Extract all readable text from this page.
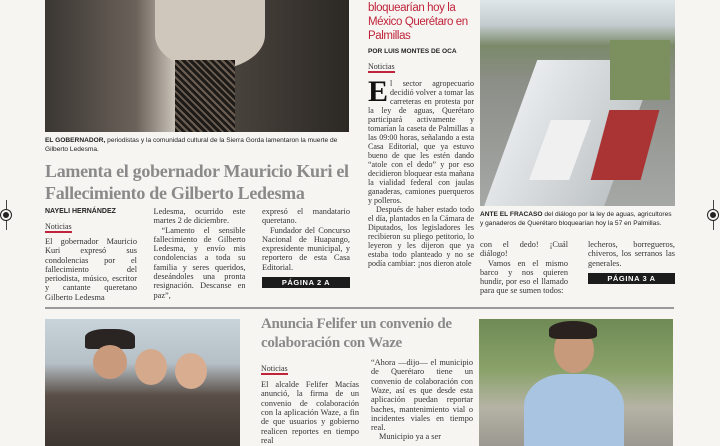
EL GOBERNADOR, periodistas y la comunidad cultural de la Sierra Gorda lamentaron la muerte de Gilberto Ledesma.
Lamenta el gobernador Mauricio Kuri el Fallecimiento de Gilberto Ledesma
NAYELI HERNÁNDEZ
Noticias

El gobernador Mauricio Kuri expresó sus condolencias por el fallecimiento del periodista, músico, escritor y cantante queretano Gilberto Ledesma

Ledesma, ocurrido este martes 2 de diciembre.

“Lamento el sensible fallecimiento de Gilberto Ledesma, y envío mis condolencias a toda su familia y seres queridos, deseándoles una pronta resignación. Descanse en paz”,

expresó el mandatario queretano.

Fundador del Concurso Nacional de Huapango, expresidente municipal, y reportero de esta Casa Editorial.

PÁGINA 2 A
bloquearían hoy la México Querétaro en Palmillas
POR LUIS MONTES DE OCA
Noticias
E l sector agropecuario decidió volver a tomar las carreteras en protesta por la ley de aguas, Querétaro participará activamente y tomarían la caseta de Palmillas a las 09:00 horas, señalando a esta Casa Editorial, que ya estuvo bueno de que les estén dando “atole con el dedo” y por eso decidieron bloquear esta mañana la vialidad federal con jaulas ganaderas, camiones puerqueros y polleros.

Después de haber estado todo el día, plantados en la Cámara de Diputados, los legisladores les recibieron su pliego petitorio, lo leyeron y les dijeron que ya estaba todo planteado y no se podía cambiar: ¡nos dieron atole

ANTE EL FRACASO del diálogo por la ley de aguas, agricultores y ganaderos de Querétaro bloquearían hoy la 57 en Palmillas.

con el dedo! ¡Cuál diálogo!

Vamos en el mismo barco y nos quieren hundir, por eso el llamado para que se sumen todos:

lecheros, borregueros, chiveros, los serranos las generales.

PÁGINA 3 A
Anuncia Felifer un convenio de colaboración con Waze
Noticias

El alcalde Felifer Macías anunció, la firma de un convenio de colaboración con la aplicación Waze, a fin de que usuarios y gobierno realicen reportes en tiempo real

“Ahora —dijo— el municipio de Querétaro tiene un convenio de colaboración con Waze, así es que desde esta aplicación puedan reportar baches, mantenimiento vial o incidentes viales en tiempo real.

Municipio ya a ser
